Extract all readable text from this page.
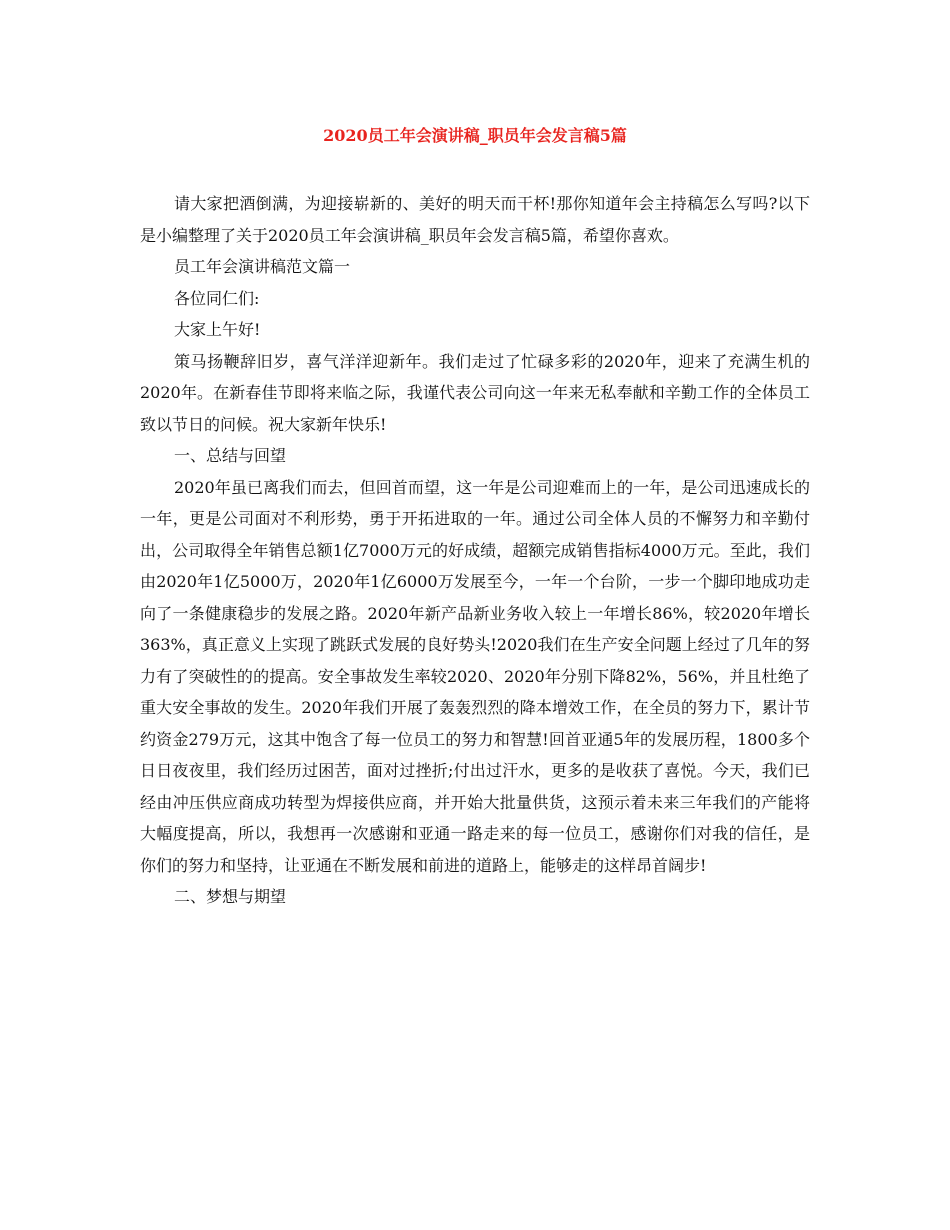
2020员工年会演讲稿_职员年会发言稿5篇

请大家把酒倒满，为迎接崭新的、美好的明天而干杯!那你知道年会主持稿怎么写吗?以下是小编整理了关于2020员工年会演讲稿_职员年会发言稿5篇，希望你喜欢。

员工年会演讲稿范文篇一

各位同仁们:

大家上午好!

策马扬鞭辞旧岁，喜气洋洋迎新年。我们走过了忙碌多彩的2020年，迎来了充满生机的2020年。在新春佳节即将来临之际，我谨代表公司向这一年来无私奉献和辛勤工作的全体员工致以节日的问候。祝大家新年快乐!

一、总结与回望

2020年虽已离我们而去，但回首而望，这一年是公司迎难而上的一年，是公司迅速成长的一年，更是公司面对不利形势，勇于开拓进取的一年。通过公司全体人员的不懈努力和辛勤付出，公司取得全年销售总额1亿7000万元的好成绩，超额完成销售指标4000万元。至此，我们由2020年1亿5000万，2020年1亿6000万发展至今，一年一个台阶，一步一个脚印地成功走向了一条健康稳步的发展之路。2020年新产品新业务收入较上一年增长86%，较2020年增长363%，真正意义上实现了跳跃式发展的良好势头!2020我们在生产安全问题上经过了几年的努力有了突破性的的提高。安全事故发生率较2020、2020年分别下降82%，56%，并且杜绝了重大安全事故的发生。2020年我们开展了轰轰烈烈的降本增效工作，在全员的努力下，累计节约资金279万元，这其中饱含了每一位员工的努力和智慧!回首亚通5年的发展历程，1800多个日日夜夜里，我们经历过困苦，面对过挫折;付出过汗水，更多的是收获了喜悦。今天，我们已经由冲压供应商成功转型为焊接供应商，并开始大批量供货，这预示着未来三年我们的产能将大幅度提高，所以，我想再一次感谢和亚通一路走来的每一位员工，感谢你们对我的信任，是你们的努力和坚持，让亚通在不断发展和前进的道路上，能够走的这样昂首阔步!

二、梦想与期望
